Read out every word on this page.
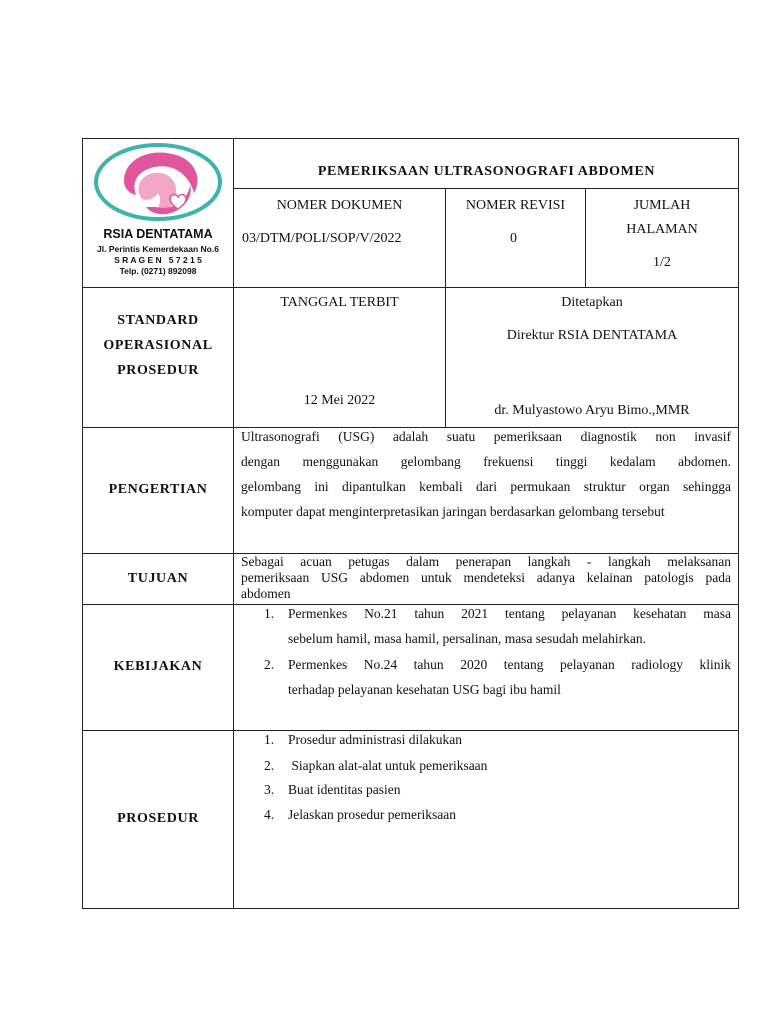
RSIA DENTATAMA
Jl. Perintis Kemerdekaan No.6
S R A G E N   5 7 2 1 5
Telp. (0271) 892098
PEMERIKSAAN ULTRASONOGRAFI ABDOMEN
NOMER DOKUMEN
03/DTM/POLI/SOP/V/2022
NOMER REVISI
0
JUMLAH
HALAMAN
1/2
STANDARD
OPERASIONAL
PROSEDUR
TANGGAL TERBIT
12 Mei 2022
Ditetapkan
Direktur RSIA DENTATAMA
dr. Mulyastowo Aryu Bimo.,MMR
PENGERTIAN
Ultrasonografi (USG) adalah suatu pemeriksaan diagnostik non invasif
dengan menggunakan gelombang frekuensi tinggi kedalam abdomen.
gelombang ini dipantulkan kembali dari permukaan struktur organ sehingga
komputer dapat menginterpretasikan jaringan berdasarkan gelombang tersebut
TUJUAN
Sebagai acuan petugas dalam penerapan langkah - langkah melaksanan
pemeriksaan USG abdomen untuk mendeteksi adanya kelainan patologis pada
abdomen
KEBIJAKAN
1. Permenkes No.21 tahun 2021 tentang pelayanan kesehatan masa
sebelum hamil, masa hamil, persalinan, masa sesudah melahirkan.
2. Permenkes No.24 tahun 2020 tentang pelayanan radiology klinik
terhadap pelayanan kesehatan USG bagi ibu hamil
PROSEDUR
1. Prosedur administrasi dilakukan
2. Siapkan alat-alat untuk pemeriksaan
3. Buat identitas pasien
4. Jelaskan prosedur pemeriksaan
